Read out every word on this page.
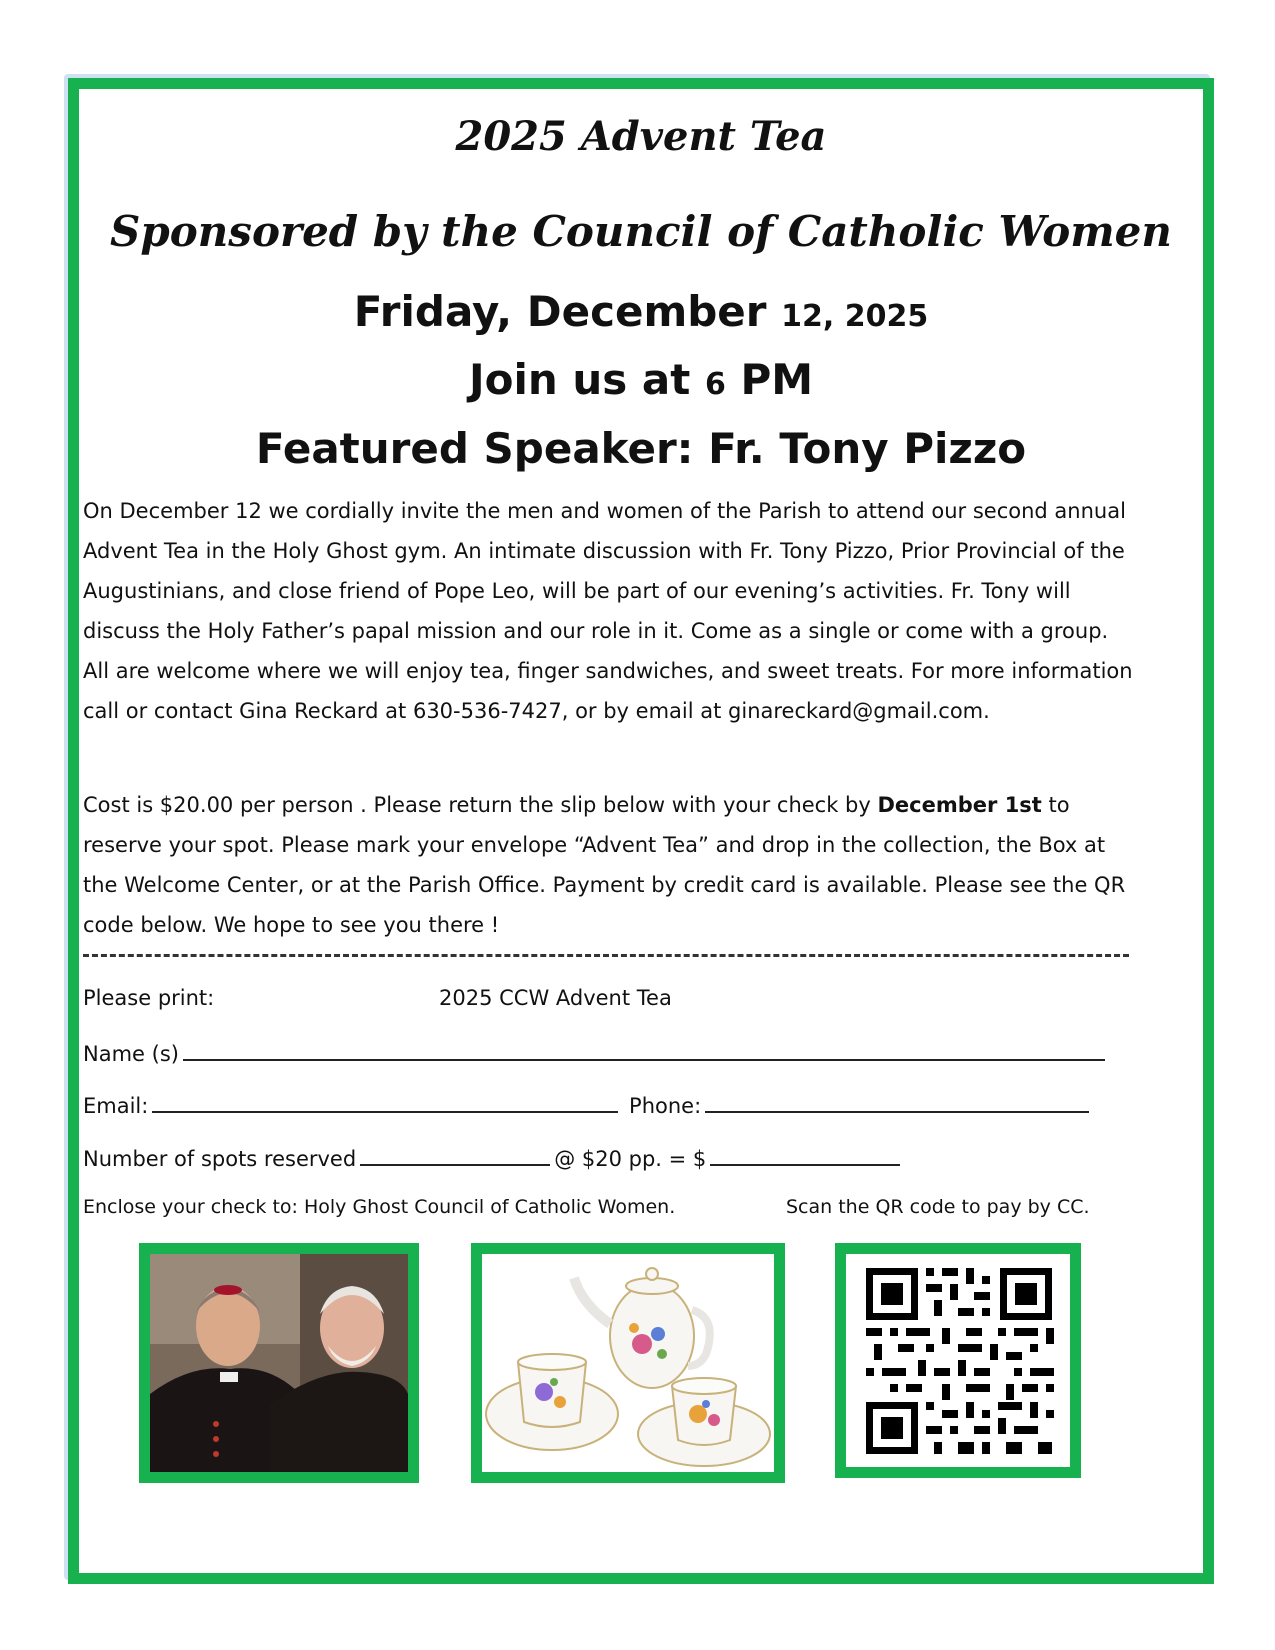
2025 Advent Tea
Sponsored by the Council of Catholic Women
Friday, December 12, 2025
Join us at 6 PM
Featured Speaker: Fr. Tony Pizzo

On December 12 we cordially invite the men and women of the Parish to attend our second annual Advent Tea in the Holy Ghost gym. An intimate discussion with Fr. Tony Pizzo, Prior Provincial of the Augustinians, and close friend of Pope Leo, will be part of our evening’s activities. Fr. Tony will discuss the Holy Father’s papal mission and our role in it. Come as a single or come with a group. All are welcome where we will enjoy tea, finger sandwiches, and sweet treats. For more information call or contact Gina Reckard at 630-536-7427, or by email at ginareckard@gmail.com.

Cost is $20.00 per person . Please return the slip below with your check by December 1st to reserve your spot. Please mark your envelope “Advent Tea” and drop in the collection, the Box at the Welcome Center, or at the Parish Office. Payment by credit card is available. Please see the QR code below. We hope to see you there !

Please print:	2025 CCW Advent Tea
Name (s)
Email:	Phone:
Number of spots reserved	@ $20 pp. = $
Enclose your check to: Holy Ghost Council of Catholic Women.	Scan the QR code to pay by CC.
